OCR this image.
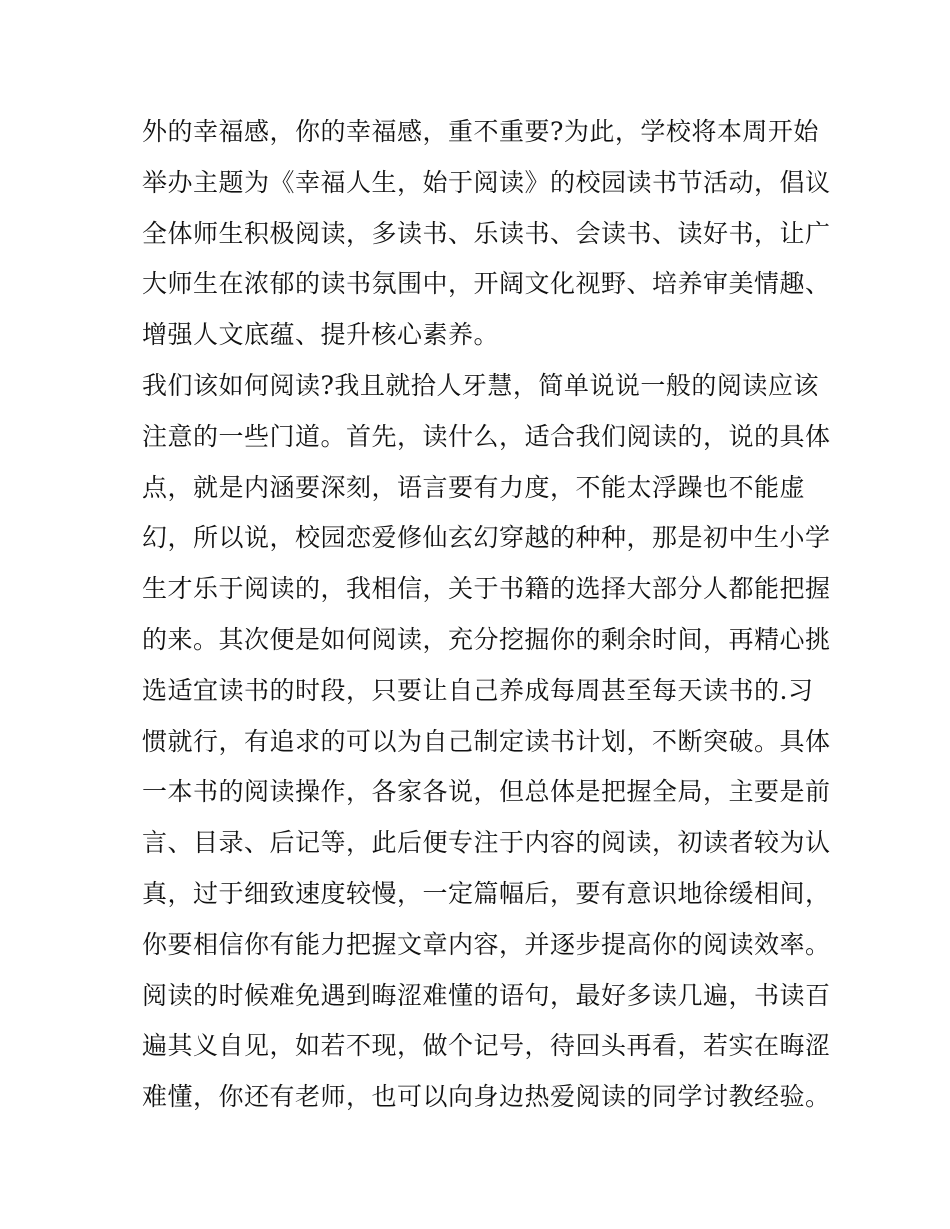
外的幸福感，你的幸福感，重不重要?为此，学校将本周开始
举办主题为《幸福人生，始于阅读》的校园读书节活动，倡议
全体师生积极阅读，多读书、乐读书、会读书、读好书，让广
大师生在浓郁的读书氛围中，开阔文化视野、培养审美情趣、
增强人文底蕴、提升核心素养。
我们该如何阅读?我且就拾人牙慧，简单说说一般的阅读应该
注意的一些门道。首先，读什么，适合我们阅读的，说的具体
点，就是内涵要深刻，语言要有力度，不能太浮躁也不能虚
幻，所以说，校园恋爱修仙玄幻穿越的种种，那是初中生小学
生才乐于阅读的，我相信，关于书籍的选择大部分人都能把握
的来。其次便是如何阅读，充分挖掘你的剩余时间，再精心挑
选适宜读书的时段，只要让自己养成每周甚至每天读书的.习
惯就行，有追求的可以为自己制定读书计划，不断突破。具体
一本书的阅读操作，各家各说，但总体是把握全局，主要是前
言、目录、后记等，此后便专注于内容的阅读，初读者较为认
真，过于细致速度较慢，一定篇幅后，要有意识地徐缓相间，
你要相信你有能力把握文章内容，并逐步提高你的阅读效率。
阅读的时候难免遇到晦涩难懂的语句，最好多读几遍，书读百
遍其义自见，如若不现，做个记号，待回头再看，若实在晦涩
难懂，你还有老师，也可以向身边热爱阅读的同学讨教经验。
